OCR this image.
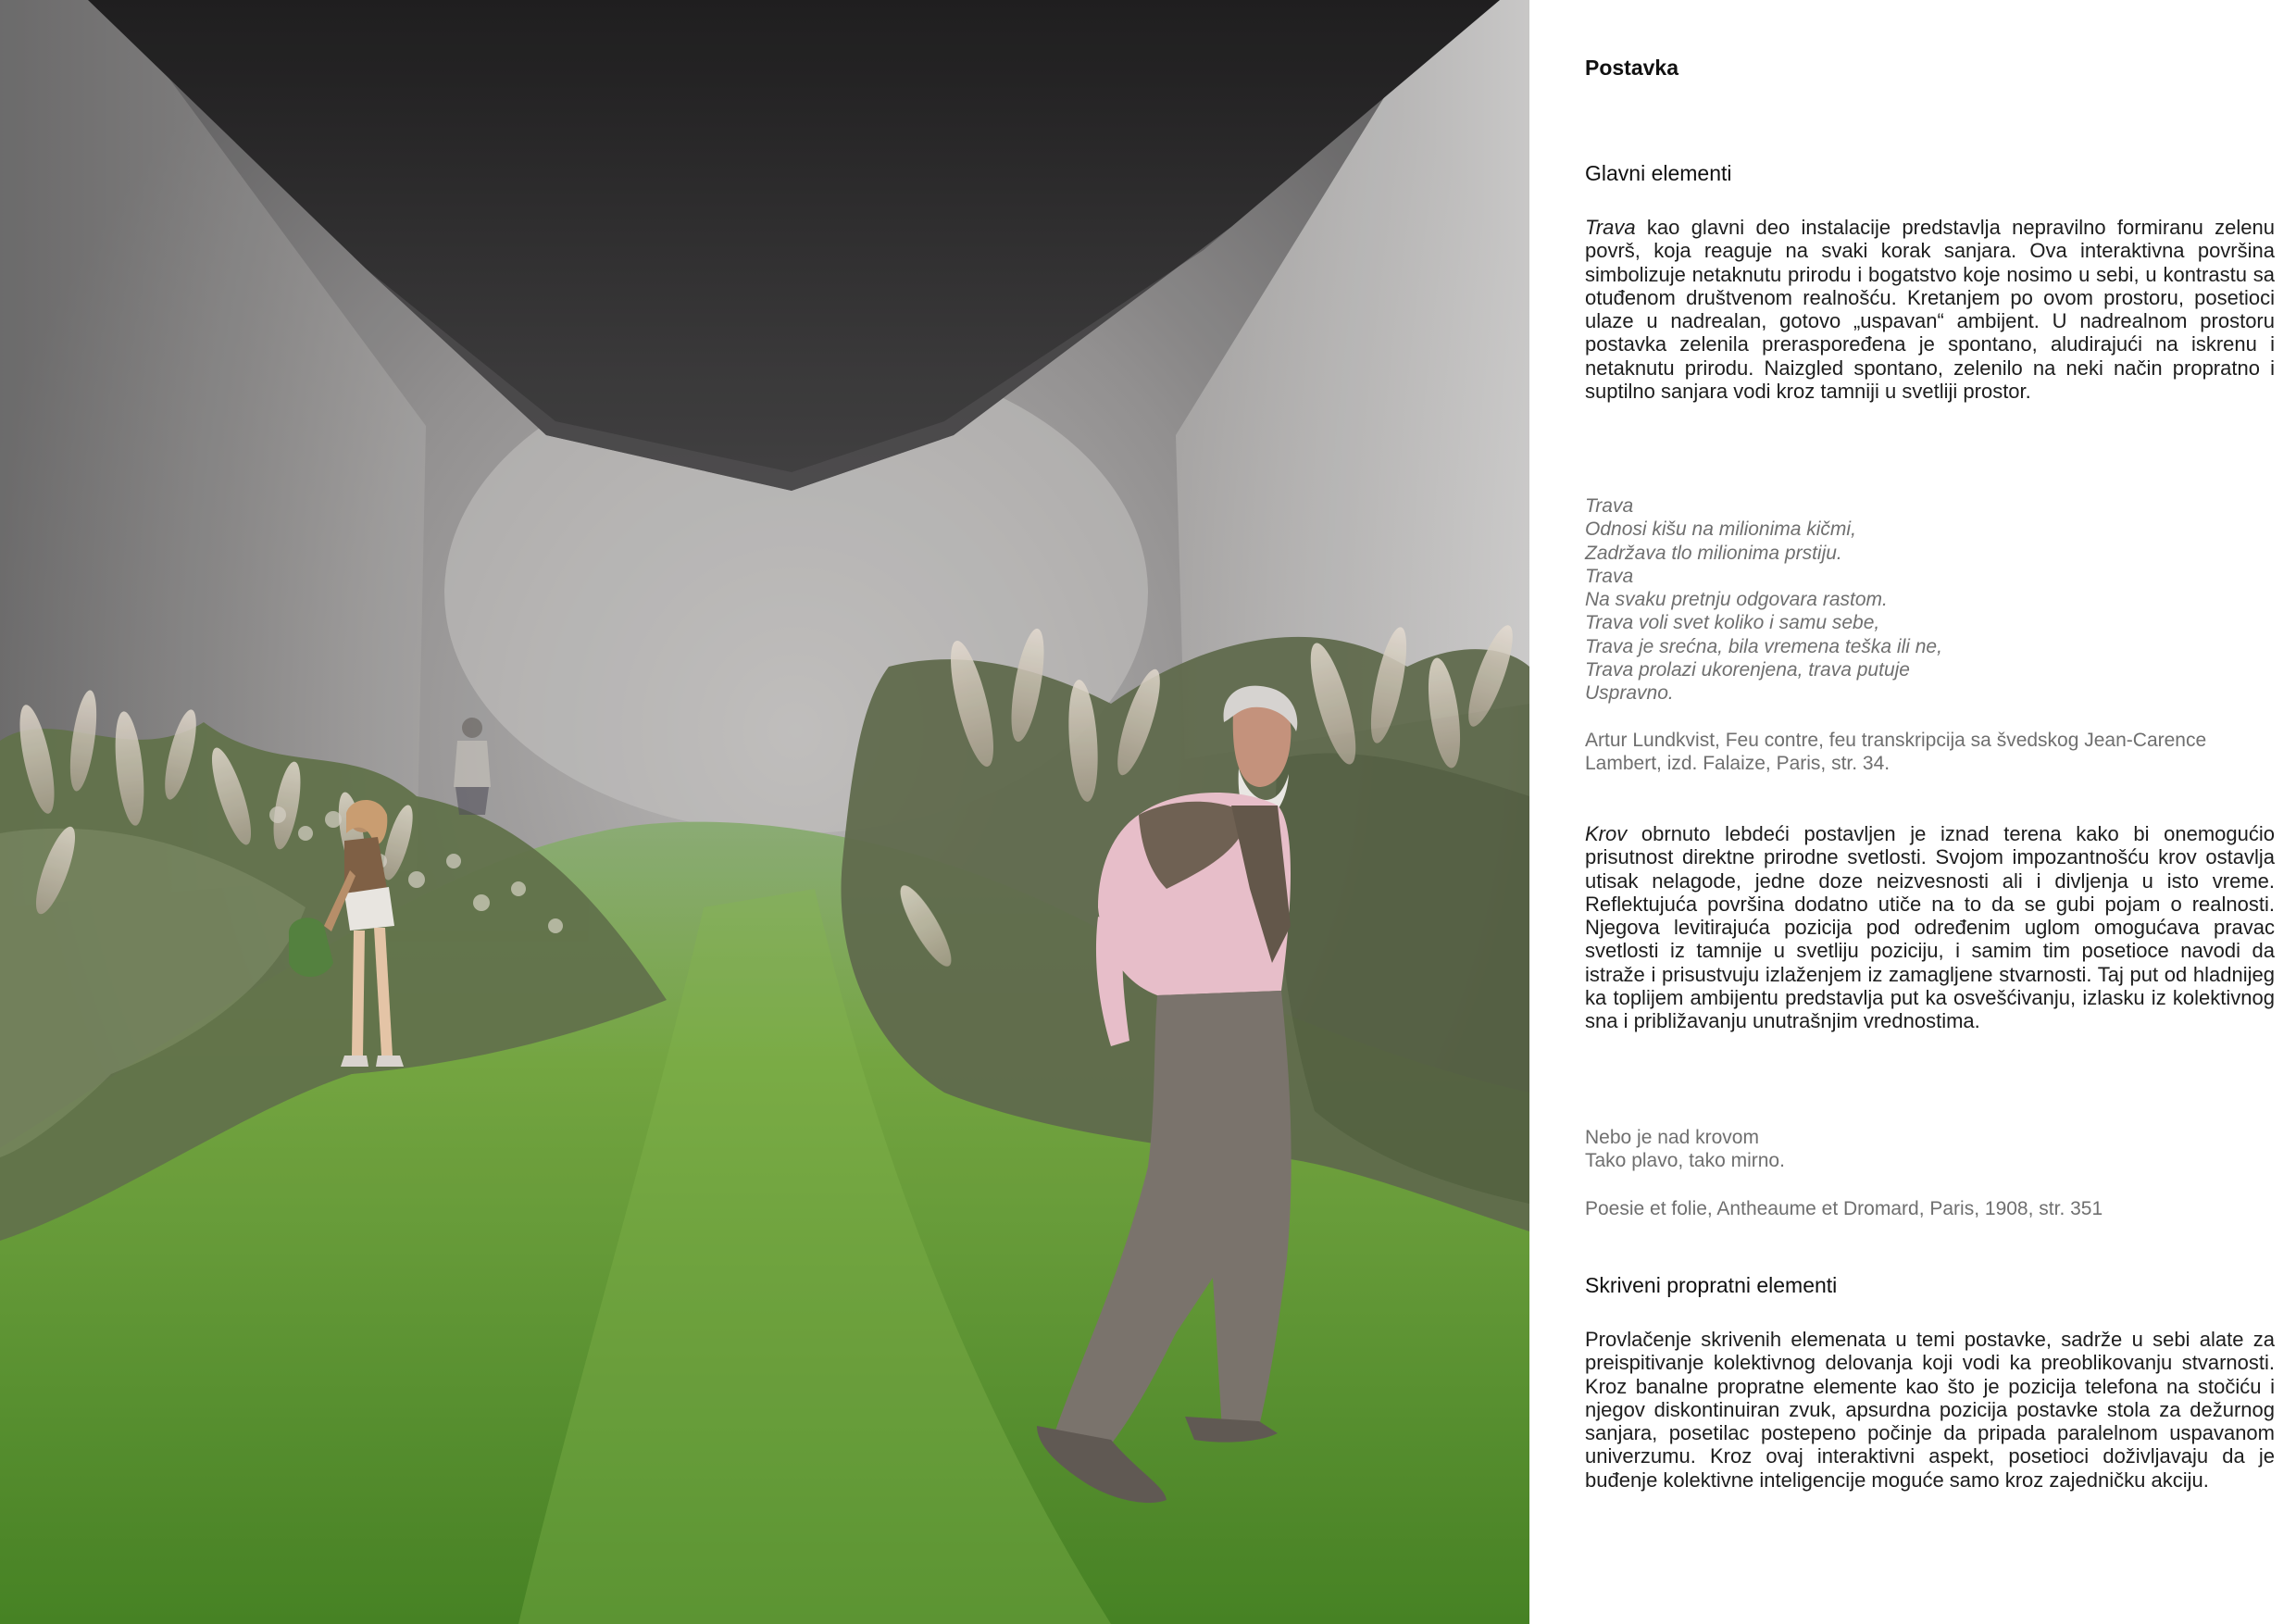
Postavka
Glavni elementi

Trava kao glavni deo instalacije predstavlja nepravilno formiranu zelenu površ, koja reaguje na svaki korak sanjara. Ova interaktivna površina simbolizuje netaknutu prirodu i bogatstvo koje nosimo u sebi, u kontrastu sa otuđenom društvenom realnošću. Kretanjem po ovom prostoru, posetioci ulaze u nadrealan, gotovo „uspavan“ ambijent. U nadrealnom prostoru postavka zelenila preraspoređena je spontano, aludirajući na iskrenu i netaknutu prirodu. Naizgled spontano, zelenilo na neki način propratno i suptilno sanjara vodi kroz tamniji u svetliji prostor.

Trava
Odnosi kišu na milionima kičmi,
Zadržava tlo milionima prstiju.
Trava
Na svaku pretnju odgovara rastom.
Trava voli svet koliko i samu sebe,
Trava je srećna, bila vremena teška ili ne,
Trava prolazi ukorenjena, trava putuje
Uspravno.
Artur Lundkvist, Feu contre, feu transkripcija sa švedskog Jean-Carence
Lambert, izd. Falaize, Paris, str. 34.

Krov obrnuto lebdeći postavljen je iznad terena kako bi onemogućio prisutnost direktne prirodne svetlosti. Svojom impozantnošću krov ostavlja utisak nelagode, jedne doze neizvesnosti ali i divljenja u isto vreme. Reflektujuća površina dodatno utiče na to da se gubi pojam o realnosti. Njegova levitirajuća pozicija pod određenim uglom omogućava pravac svetlosti iz tamnije u svetliju poziciju, i samim tim posetioce navodi da istraže i prisustvuju izlaženjem iz zamagljene stvarnosti. Taj put od hladnijeg ka toplijem ambijentu predstavlja put ka osvešćivanju, izlasku iz kolektivnog sna i približavanju unutrašnjim vrednostima.

Nebo je nad krovom
Tako plavo, tako mirno.
Poesie et folie, Antheaume et Dromard, Paris, 1908, str. 351
Skriveni propratni elementi

Provlačenje skrivenih elemenata u temi postavke, sadrže u sebi alate za preispitivanje kolektivnog delovanja koji vodi ka preoblikovanju stvarnosti. Kroz banalne propratne elemente kao što je pozicija telefona na stočiću i njegov diskontinuiran zvuk, apsurdna pozicija postavke stola za dežurnog sanjara, posetilac postepeno počinje da pripada paralelnom uspavanom univerzumu. Kroz ovaj interaktivni aspekt, posetioci doživljavaju da je buđenje kolektivne inteligencije moguće samo kroz zajedničku akciju.
